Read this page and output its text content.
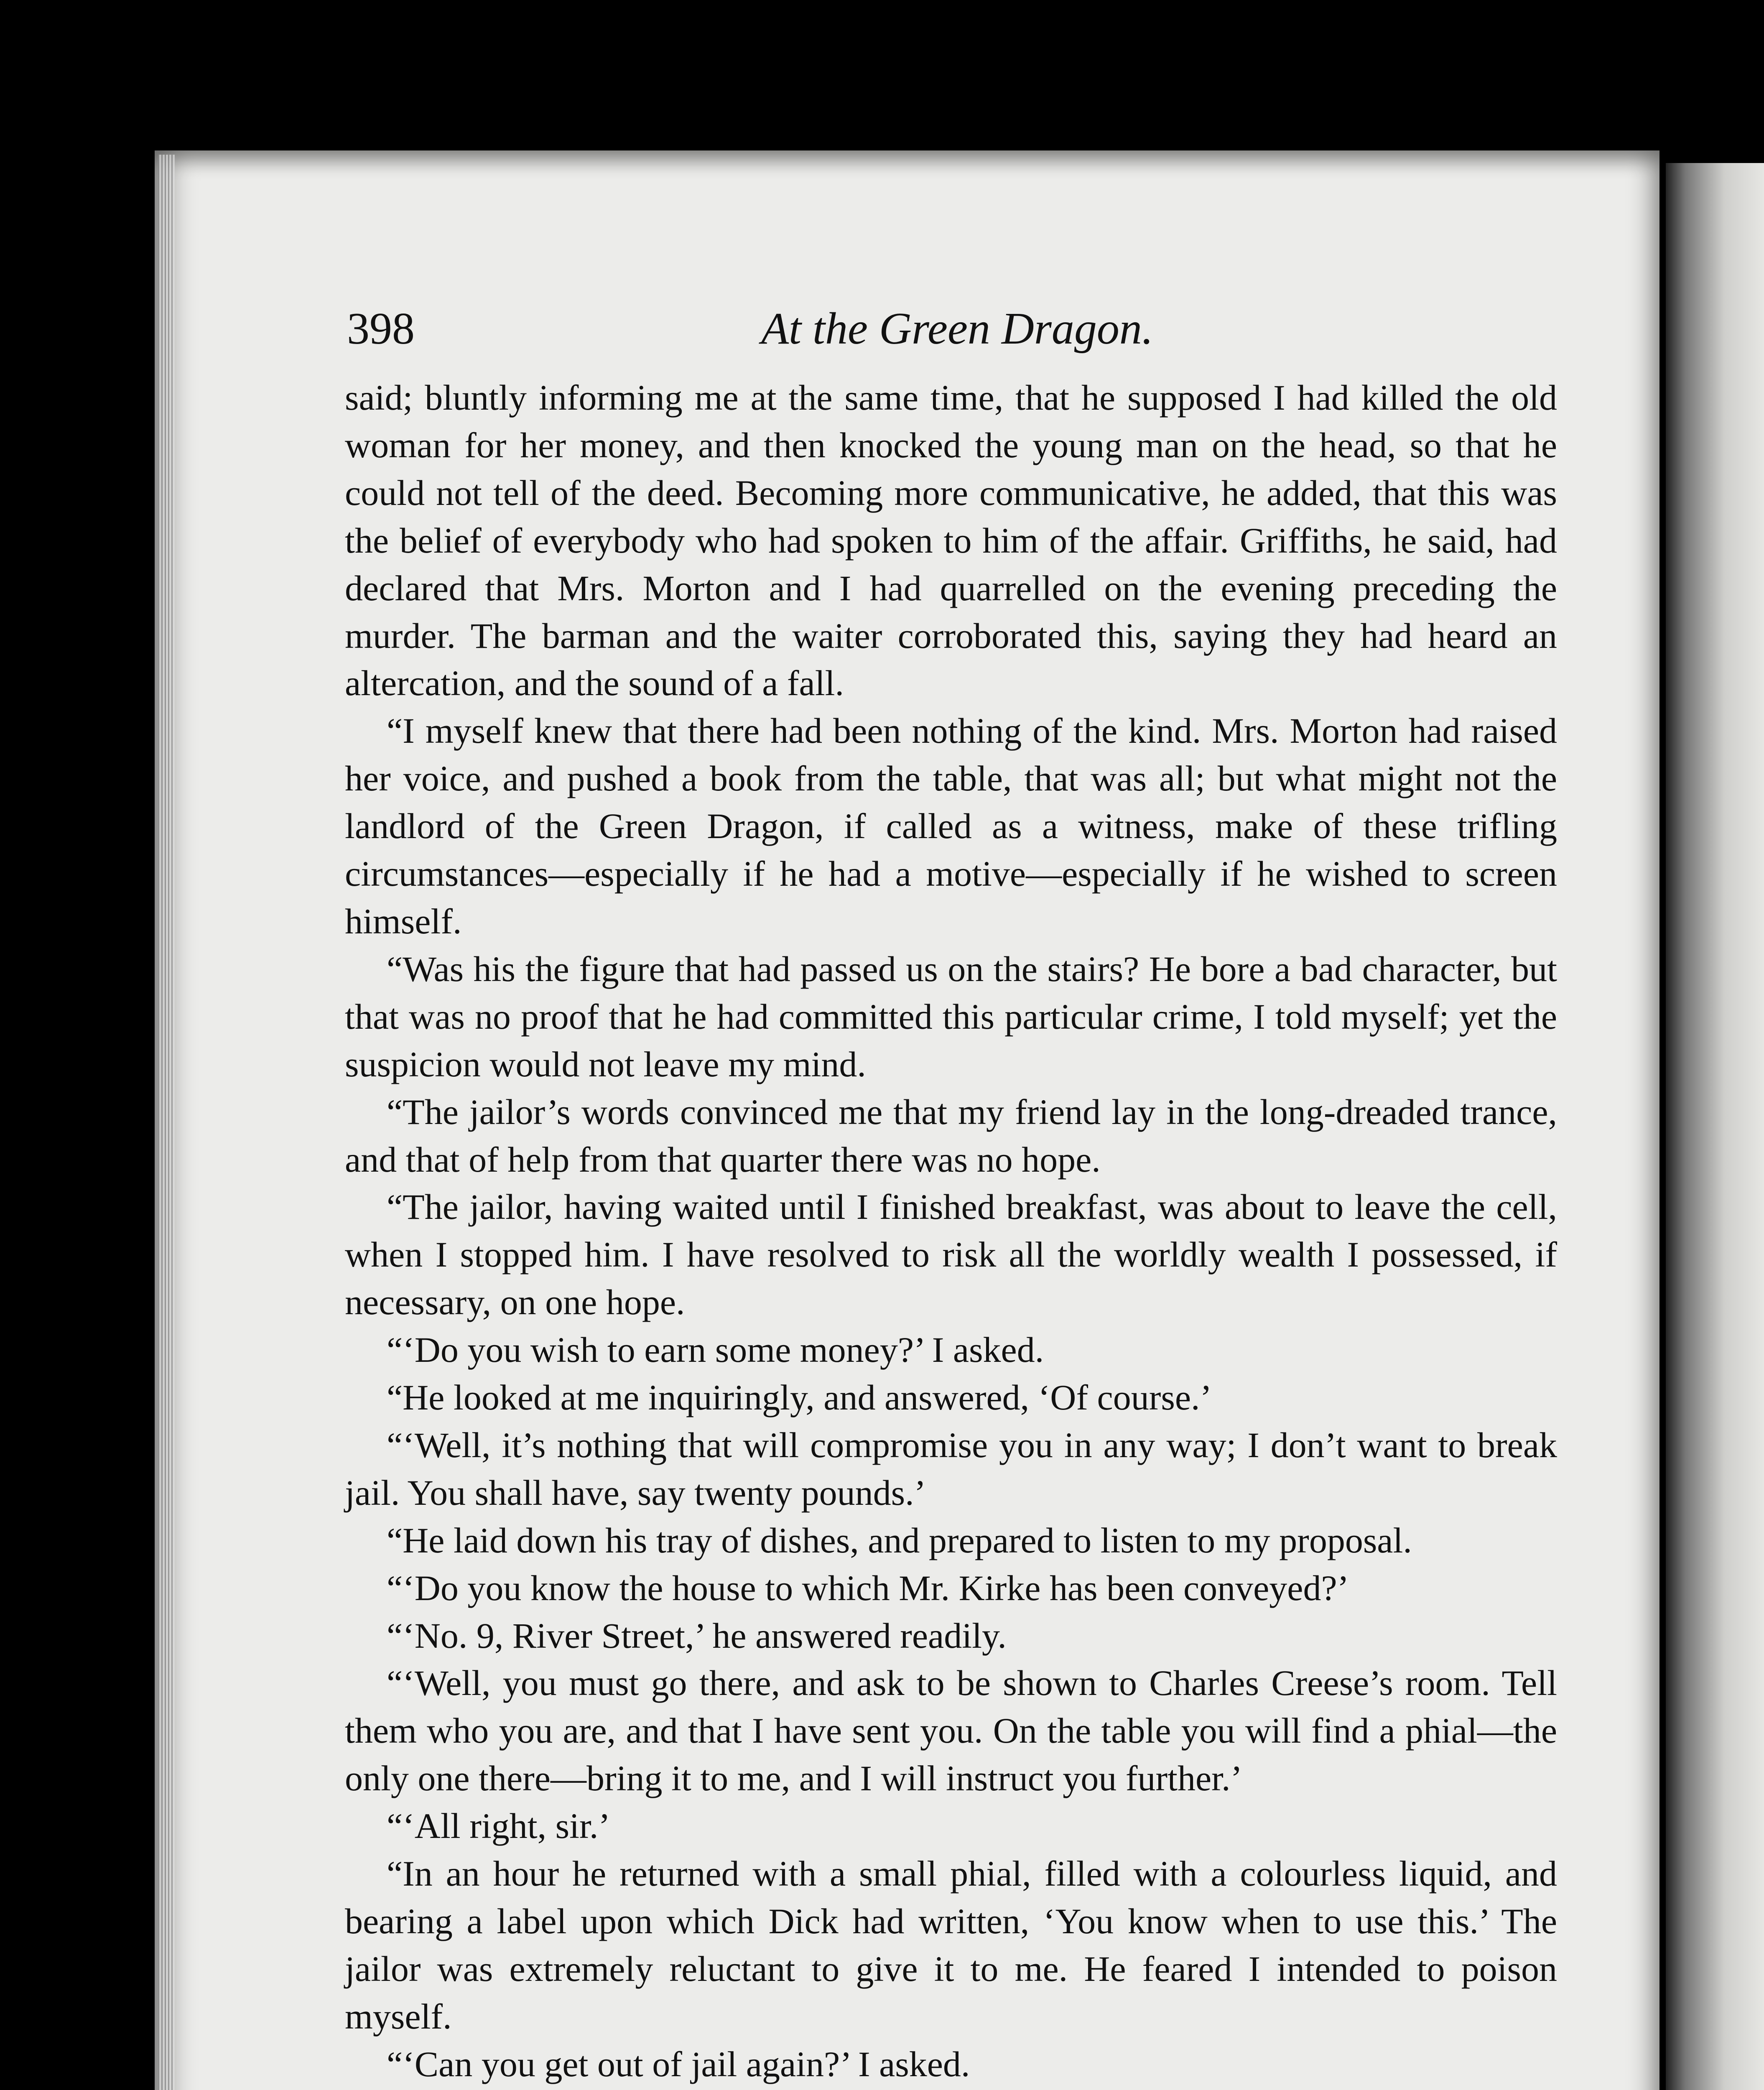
398	At the Green Dragon.

said; bluntly informing me at the same time, that he supposed I had killed the old woman for her money, and then knocked the young man on the head, so that he could not tell of the deed. Becoming more communicative, he added, that this was the belief of everybody who had spoken to him of the affair. Griffiths, he said, had declared that Mrs. Morton and I had quarrelled on the evening preceding the murder. The barman and the waiter corroborated this, saying they had heard an altercation, and the sound of a fall.

“I myself knew that there had been nothing of the kind. Mrs. Morton had raised her voice, and pushed a book from the table, that was all; but what might not the landlord of the Green Dragon, if called as a witness, make of these trifling circumstances—especially if he had a motive—especially if he wished to screen himself.

“Was his the figure that had passed us on the stairs? He bore a bad character, but that was no proof that he had committed this particular crime, I told myself; yet the suspicion would not leave my mind.

“The jailor’s words convinced me that my friend lay in the long-dreaded trance, and that of help from that quarter there was no hope.

“The jailor, having waited until I finished breakfast, was about to leave the cell, when I stopped him. I have resolved to risk all the worldly wealth I possessed, if necessary, on one hope.

“‘Do you wish to earn some money?’ I asked.

“He looked at me inquiringly, and answered, ‘Of course.’

“‘Well, it’s nothing that will compromise you in any way; I don’t want to break jail. You shall have, say twenty pounds.’

“He laid down his tray of dishes, and prepared to listen to my proposal.

“‘Do you know the house to which Mr. Kirke has been conveyed?’

“‘No. 9, River Street,’ he answered readily.

“‘Well, you must go there, and ask to be shown to Charles Creese’s room. Tell them who you are, and that I have sent you. On the table you will find a phial—the only one there—bring it to me, and I will instruct you further.’

“‘All right, sir.’

“In an hour he returned with a small phial, filled with a colourless liquid, and bearing a label upon which Dick had written, ‘You know when to use this.’ The jailor was extremely reluctant to give it to me. He feared I intended to poison myself.

“‘Can you get out of jail again?’ I asked.
